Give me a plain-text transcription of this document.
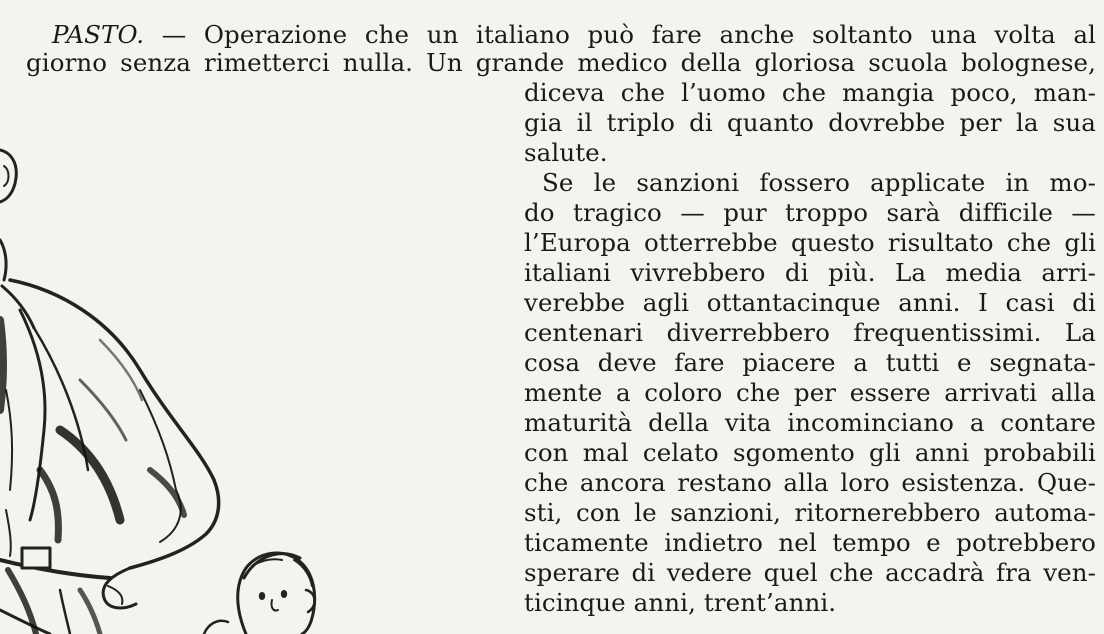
PASTO. — Operazione che un italiano può fare anche soltanto una volta al
giorno senza rimetterci nulla. Un grande medico della gloriosa scuola bolognese,
diceva che l’uomo che mangia poco, man-
gia il triplo di quanto dovrebbe per la sua
salute.
Se le sanzioni fossero applicate in mo-
do tragico — pur troppo sarà difficile —
l’Europa otterrebbe questo risultato che gli
italiani vivrebbero di più. La media arri-
verebbe agli ottantacinque anni. I casi di
centenari diverrebbero frequentissimi. La
cosa deve fare piacere a tutti e segnata-
mente a coloro che per essere arrivati alla
maturità della vita incominciano a contare
con mal celato sgomento gli anni probabili
che ancora restano alla loro esistenza. Que-
sti, con le sanzioni, ritornerebbero automa-
ticamente indietro nel tempo e potrebbero
sperare di vedere quel che accadrà fra ven-
ticinque anni, trent’anni.
